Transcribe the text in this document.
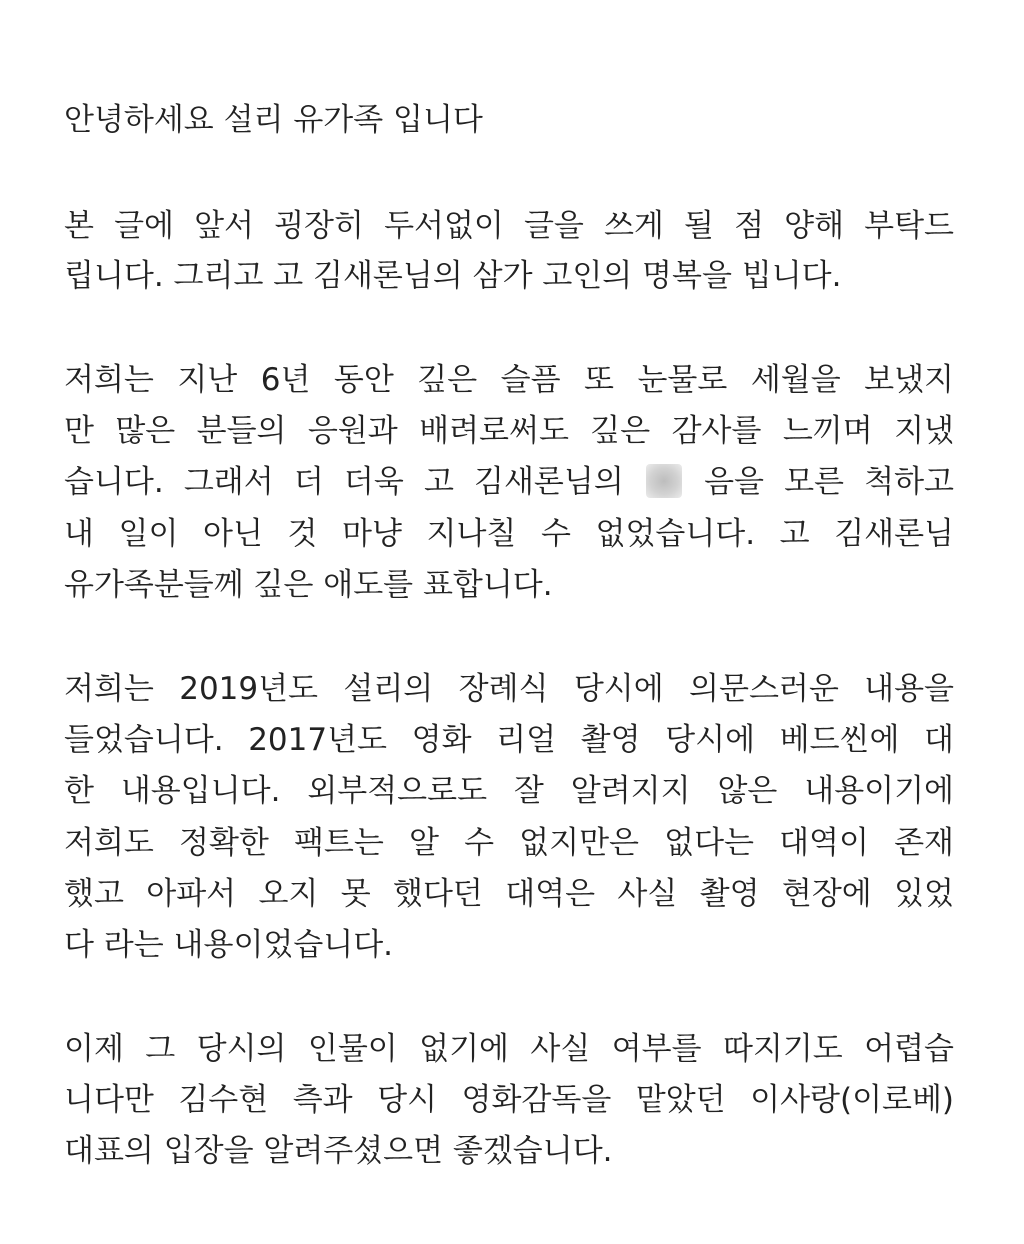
안녕하세요 설리 유가족 입니다
본 글에 앞서 굉장히 두서없이 글을 쓰게 될 점 양해 부탁드
립니다. 그리고 고 김새론님의 삼가 고인의 명복을 빕니다.
저희는 지난 6년 동안 깊은 슬픔 또 눈물로 세월을 보냈지
만 많은 분들의 응원과 배려로써도 깊은 감사를 느끼며 지냈
습니다. 그래서 더 더욱 고 김새론님의	음을 모른 척하고
내 일이 아닌 것 마냥 지나칠 수 없었습니다. 고 김새론님
유가족분들께 깊은 애도를 표합니다.
저희는 2019년도 설리의 장례식 당시에 의문스러운 내용을
들었습니다. 2017년도 영화 리얼 촬영 당시에 베드씬에 대
한 내용입니다. 외부적으로도 잘 알려지지 않은 내용이기에
저희도 정확한 팩트는 알 수 없지만은 없다는 대역이 존재
했고 아파서 오지 못 했다던 대역은 사실 촬영 현장에 있었
다 라는 내용이었습니다.
이제 그 당시의 인물이 없기에 사실 여부를 따지기도 어렵습
니다만 김수현 측과 당시 영화감독을 맡았던 이사랑(이로베)
대표의 입장을 알려주셨으면 좋겠습니다.
